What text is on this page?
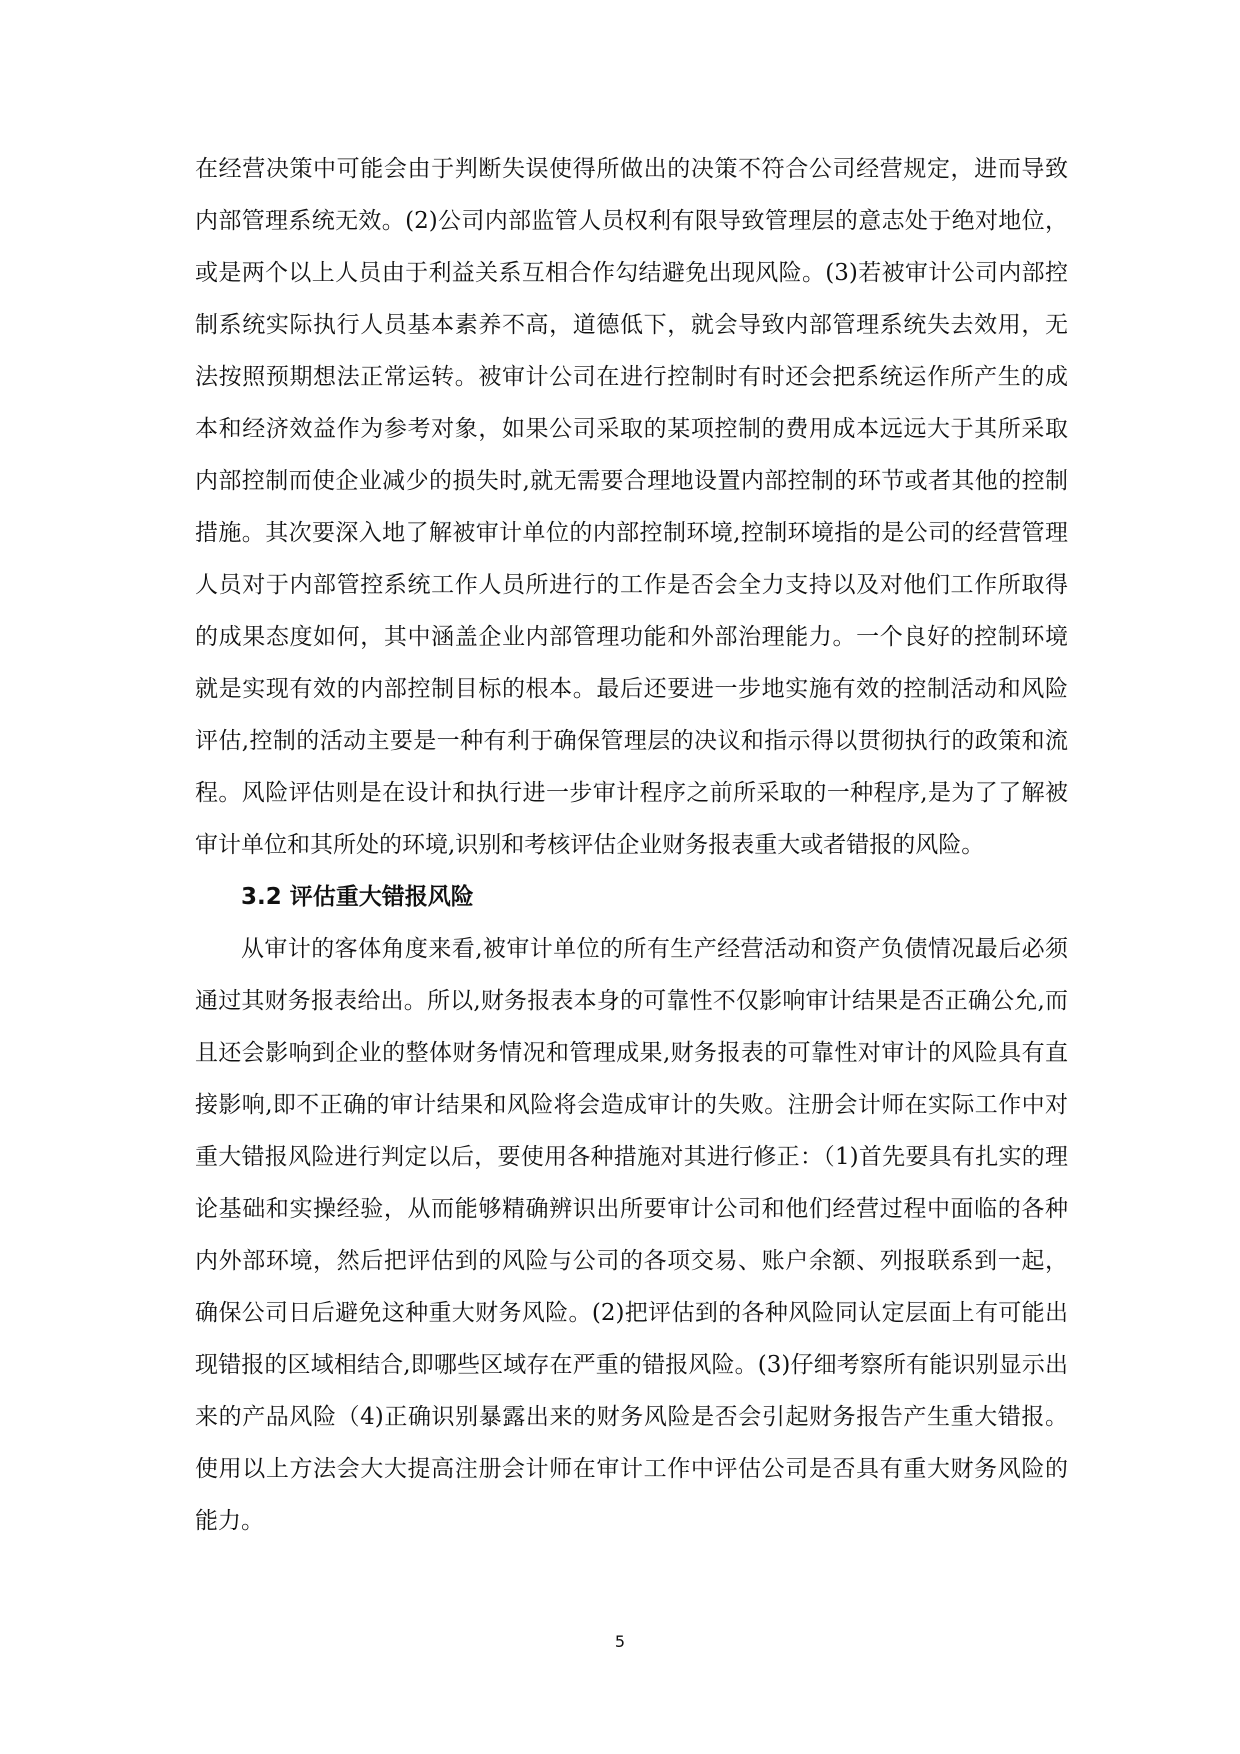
在经营决策中可能会由于判断失误使得所做出的决策不符合公司经营规定，进而导致内部管理系统无效。(2)公司内部监管人员权利有限导致管理层的意志处于绝对地位，或是两个以上人员由于利益关系互相合作勾结避免出现风险。(3)若被审计公司内部控制系统实际执行人员基本素养不高，道德低下，就会导致内部管理系统失去效用，无法按照预期想法正常运转。被审计公司在进行控制时有时还会把系统运作所产生的成本和经济效益作为参考对象，如果公司采取的某项控制的费用成本远远大于其所采取内部控制而使企业减少的损失时,就无需要合理地设置内部控制的环节或者其他的控制措施。其次要深入地了解被审计单位的内部控制环境,控制环境指的是公司的经营管理人员对于内部管控系统工作人员所进行的工作是否会全力支持以及对他们工作所取得的成果态度如何，其中涵盖企业内部管理功能和外部治理能力。一个良好的控制环境就是实现有效的内部控制目标的根本。最后还要进一步地实施有效的控制活动和风险评估,控制的活动主要是一种有利于确保管理层的决议和指示得以贯彻执行的政策和流程。风险评估则是在设计和执行进一步审计程序之前所采取的一种程序,是为了了解被审计单位和其所处的环境,识别和考核评估企业财务报表重大或者错报的风险。

3.2 评估重大错报风险

从审计的客体角度来看,被审计单位的所有生产经营活动和资产负债情况最后必须通过其财务报表给出。所以,财务报表本身的可靠性不仅影响审计结果是否正确公允,而且还会影响到企业的整体财务情况和管理成果,财务报表的可靠性对审计的风险具有直接影响,即不正确的审计结果和风险将会造成审计的失败。注册会计师在实际工作中对重大错报风险进行判定以后，要使用各种措施对其进行修正：（1)首先要具有扎实的理论基础和实操经验，从而能够精确辨识出所要审计公司和他们经营过程中面临的各种内外部环境，然后把评估到的风险与公司的各项交易、账户余额、列报联系到一起，确保公司日后避免这种重大财务风险。(2)把评估到的各种风险同认定层面上有可能出现错报的区域相结合,即哪些区域存在严重的错报风险。(3)仔细考察所有能识别显示出来的产品风险（4)正确识别暴露出来的财务风险是否会引起财务报告产生重大错报。使用以上方法会大大提高注册会计师在审计工作中评估公司是否具有重大财务风险的能力。

5
